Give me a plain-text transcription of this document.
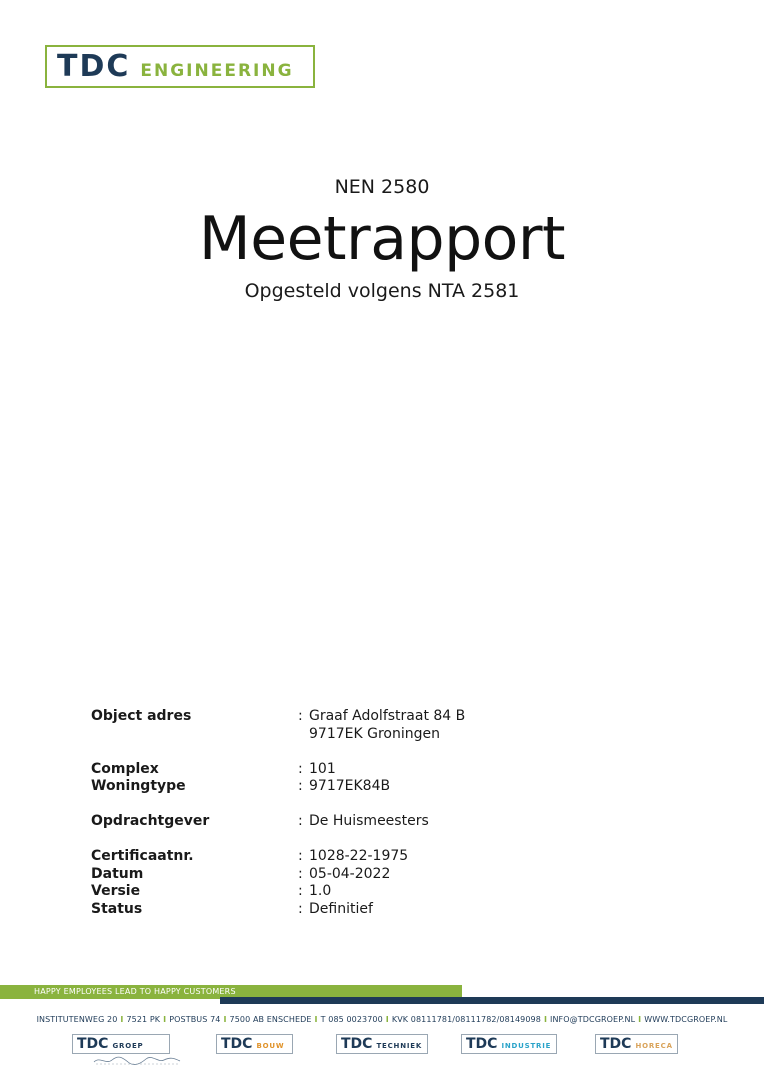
TDC ENGINEERING
NEN 2580
Meetrapport
Opgesteld volgens NTA 2581
Object adres	: Graaf Adolfstraat 84 B
9717EK Groningen
Complex	: 101
Woningtype	: 9717EK84B
Opdrachtgever	: De Huismeesters
Certificaatnr.	: 1028-22-1975
Datum	: 05-04-2022
Versie	: 1.0
Status	: Definitief
HAPPY EMPLOYEES LEAD TO HAPPY CUSTOMERS
INSTITUTENWEG 20 I 7521 PK I POSTBUS 74 I 7500 AB ENSCHEDE I T 085 0023700 I KVK 08111781/08111782/08149098 I INFO@TDCGROEP.NL I WWW.TDCGROEP.NL
TDC GROEP	TDC BOUW	TDC TECHNIEK	TDC INDUSTRIE	TDC HORECA
